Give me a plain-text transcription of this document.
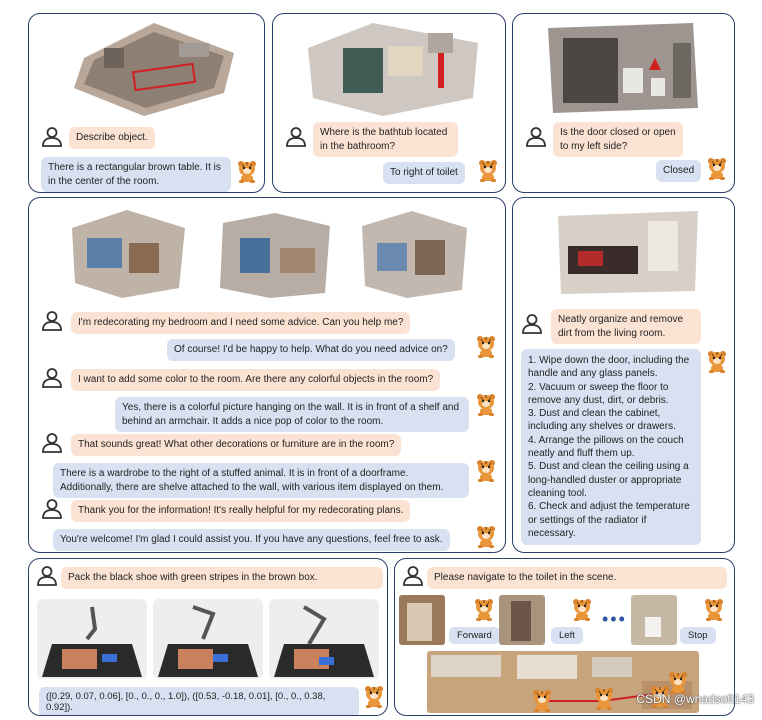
Describe object.
There is a rectangular brown table. It is in the center of the room.
Where is the bathtub located in the bathroom?
To right of toilet
Is the door closed or open to my left side?
Closed
I'm redecorating my bedroom and I need some advice. Can you help me?
Of course! I'd be happy to help. What do you need advice on?
I want to add some color to the room. Are there any colorful objects in the room?
Yes, there is a colorful picture hanging on the wall. It is in front of a shelf and behind an armchair. It adds a nice pop of color to the room.
That sounds great! What other decorations or furniture are in the room?
There is a wardrobe to the right of a stuffed animal. It is in front of a doorframe. Additionally, there are shelve attached to the wall, with various item displayed on them.
Thank you for the information! It's really helpful for my redecorating plans.
You're welcome! I'm glad I could assist you. If you have any questions, feel free to ask.
Neatly organize and remove dirt from the living room.
1. Wipe down the door, including the handle and any glass panels.
2. Vacuum or sweep the floor to remove any dust, dirt, or debris.
3. Dust and clean the cabinet, including any shelves or drawers.
4. Arrange the pillows on the couch neatly and fluff them up.
5. Dust and clean the ceiling using a long-handled duster or appropriate cleaning tool.
6. Check and adjust the temperature or settings of the radiator if necessary.
Pack the black shoe with green stripes in the brown box.
([0.29, 0.07, 0.06], [0., 0., 0., 1.0]), ([0.53, -0.18, 0.01], [0., 0., 0.38, 0.92]).
Please navigate to the toilet in the scene.
Forward	Left
•••
Stop
CSDN @whadsoft143
